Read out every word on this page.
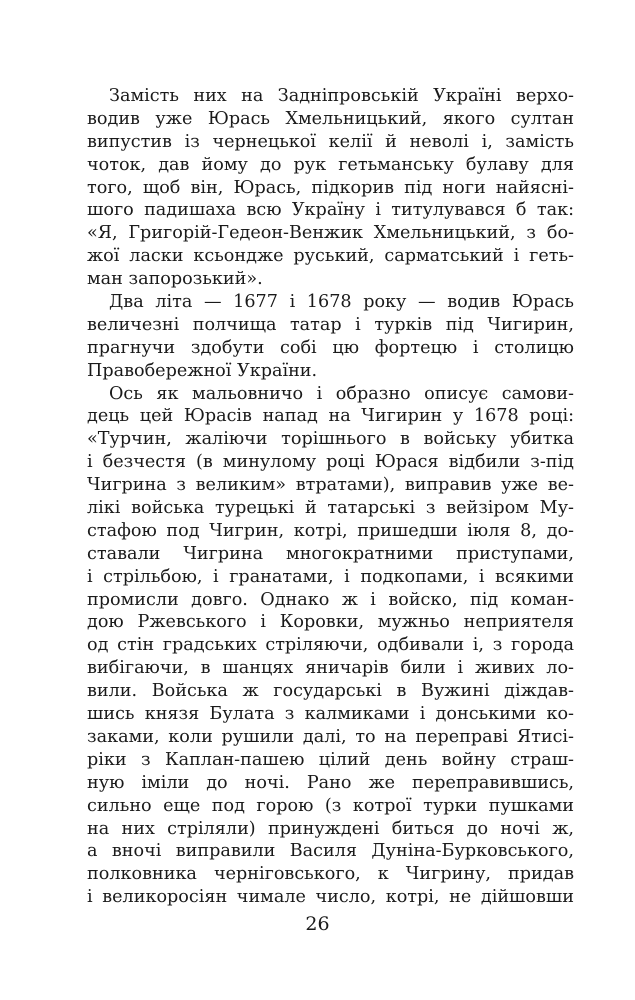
Замість них на Задніпровській Україні верхо-
водив уже Юрась Хмельницький, якого султан
випустив із чернецької келії й неволі і, замість
чоток, дав йому до рук гетьманську булаву для
того, щоб він, Юрась, підкорив під ноги найяснi-
шого падишаха всю Україну і титулувався б так:
«Я, Григорій-Гедеон-Венжик Хмельницький, з бо-
жої ласки ксьондже руський, сарматський і геть-
ман запорозький».
Два літа — 1677 і 1678 року — водив Юрась
величезні полчища татар і турків під Чигирин,
прагнучи здобути собі цю фортецю і столицю
Правобережної України.
Ось як мальовничо і образно описує самови-
дець цей Юрасів напад на Чигирин у 1678 році:
«Турчин, жаліючи торішнього в войську убитка
і безчестя (в минулому році Юрася відбили з-під
Чигрина з великим» втратами), виправив уже ве-
лікі войська турецькі й татарські з вейзіром Му-
стафою под Чигрин, котрі, пришедши іюля 8, до-
ставали Чигрина многократними приступами,
і стрільбою, і гранатами, і подкопами, і всякими
промисли довго. Однако ж і войско, під коман-
дою Ржевського і Коровки, мужньо неприятеля
од стін градських стріляючи, одбивали і, з города
вибігаючи, в шанцях яничарів били і живих ло-
вили. Войська ж государські в Вужині діждав-
шись князя Булата з калмиками і донськими ко-
заками, коли рушили далі, то на переправі Ятисі-
ріки з Каплан-пашею цілий день войну страш-
ную іміли до ночі. Рано же переправившись,
сильно еще под горою (з котрої турки пушками
на них стріляли) принуждені биться до ночі ж,
а вночі виправили Василя Дуніна-Бурковського,
полковника черніговського, к Чигрину, придав
і великоросіян чимале число, котрі, не дійшовши
26
